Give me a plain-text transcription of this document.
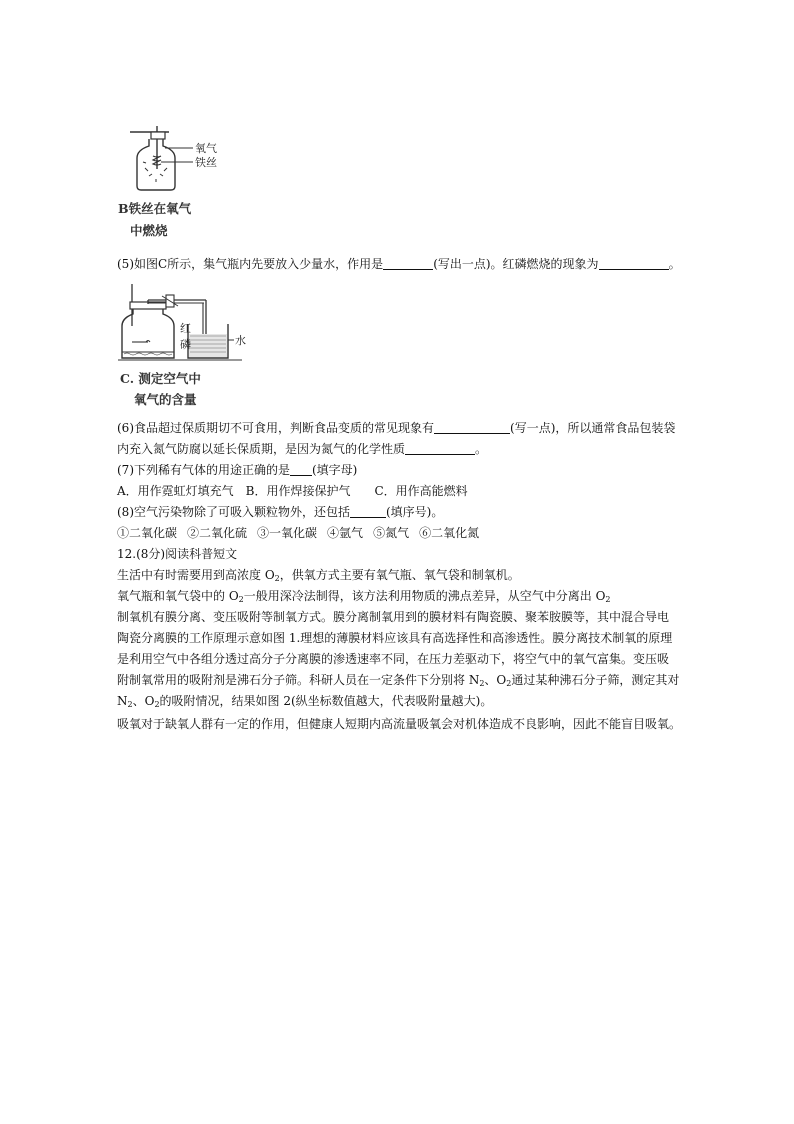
氧气
铁丝
B铁丝在氧气
中燃烧
(5)如图C所示，集气瓶内先要放入少量水，作用是	(写出一点)。红磷燃烧的现象为	。
红
磷	水
C. 测定空气中
氧气的含量
(6)食品超过保质期切不可食用，判断食品变质的常见现象有	(写一点)，所以通常食品包装袋
内充入氮气防腐以延长保质期，是因为氮气的化学性质	。
(7)下列稀有气体的用途正确的是 (填字母)
A．用作霓虹灯填充气 B．用作焊接保护气 C．用作高能燃料
(8)空气污染物除了可吸入颗粒物外，还包括	(填序号)。
①二氧化碳 ②二氧化硫 ③一氧化碳 ④氩气 ⑤氮气 ⑥二氧化氮
12.(8分)阅读科普短文
生活中有时需要用到高浓度 $O_2$，供氧方式主要有氧气瓶、氧气袋和制氧机。
氧气瓶和氧气袋中的 $O_2$一般用深冷法制得，该方法利用物质的沸点差异，从空气中分离出 $O_2$
制氧机有膜分离、变压吸附等制氧方式。膜分离制氧用到的膜材料有陶瓷膜、聚苯胺膜等，其中混合导电
陶瓷分离膜的工作原理示意如图 1.理想的薄膜材料应该具有高选择性和高渗透性。膜分离技术制氧的原理
是利用空气中各组分透过高分子分离膜的渗透速率不同，在压力差驱动下，将空气中的氧气富集。变压吸
附制氧常用的吸附剂是沸石分子筛。科研人员在一定条件下分别将 $N_2$、$O_2$通过某种沸石分子筛，测定其对
$N_2$、$O_2$的吸附情况，结果如图 2(纵坐标数值越大，代表吸附量越大)。
吸氧对于缺氧人群有一定的作用，但健康人短期内高流量吸氧会对机体造成不良影响，因此不能盲目吸氧。
